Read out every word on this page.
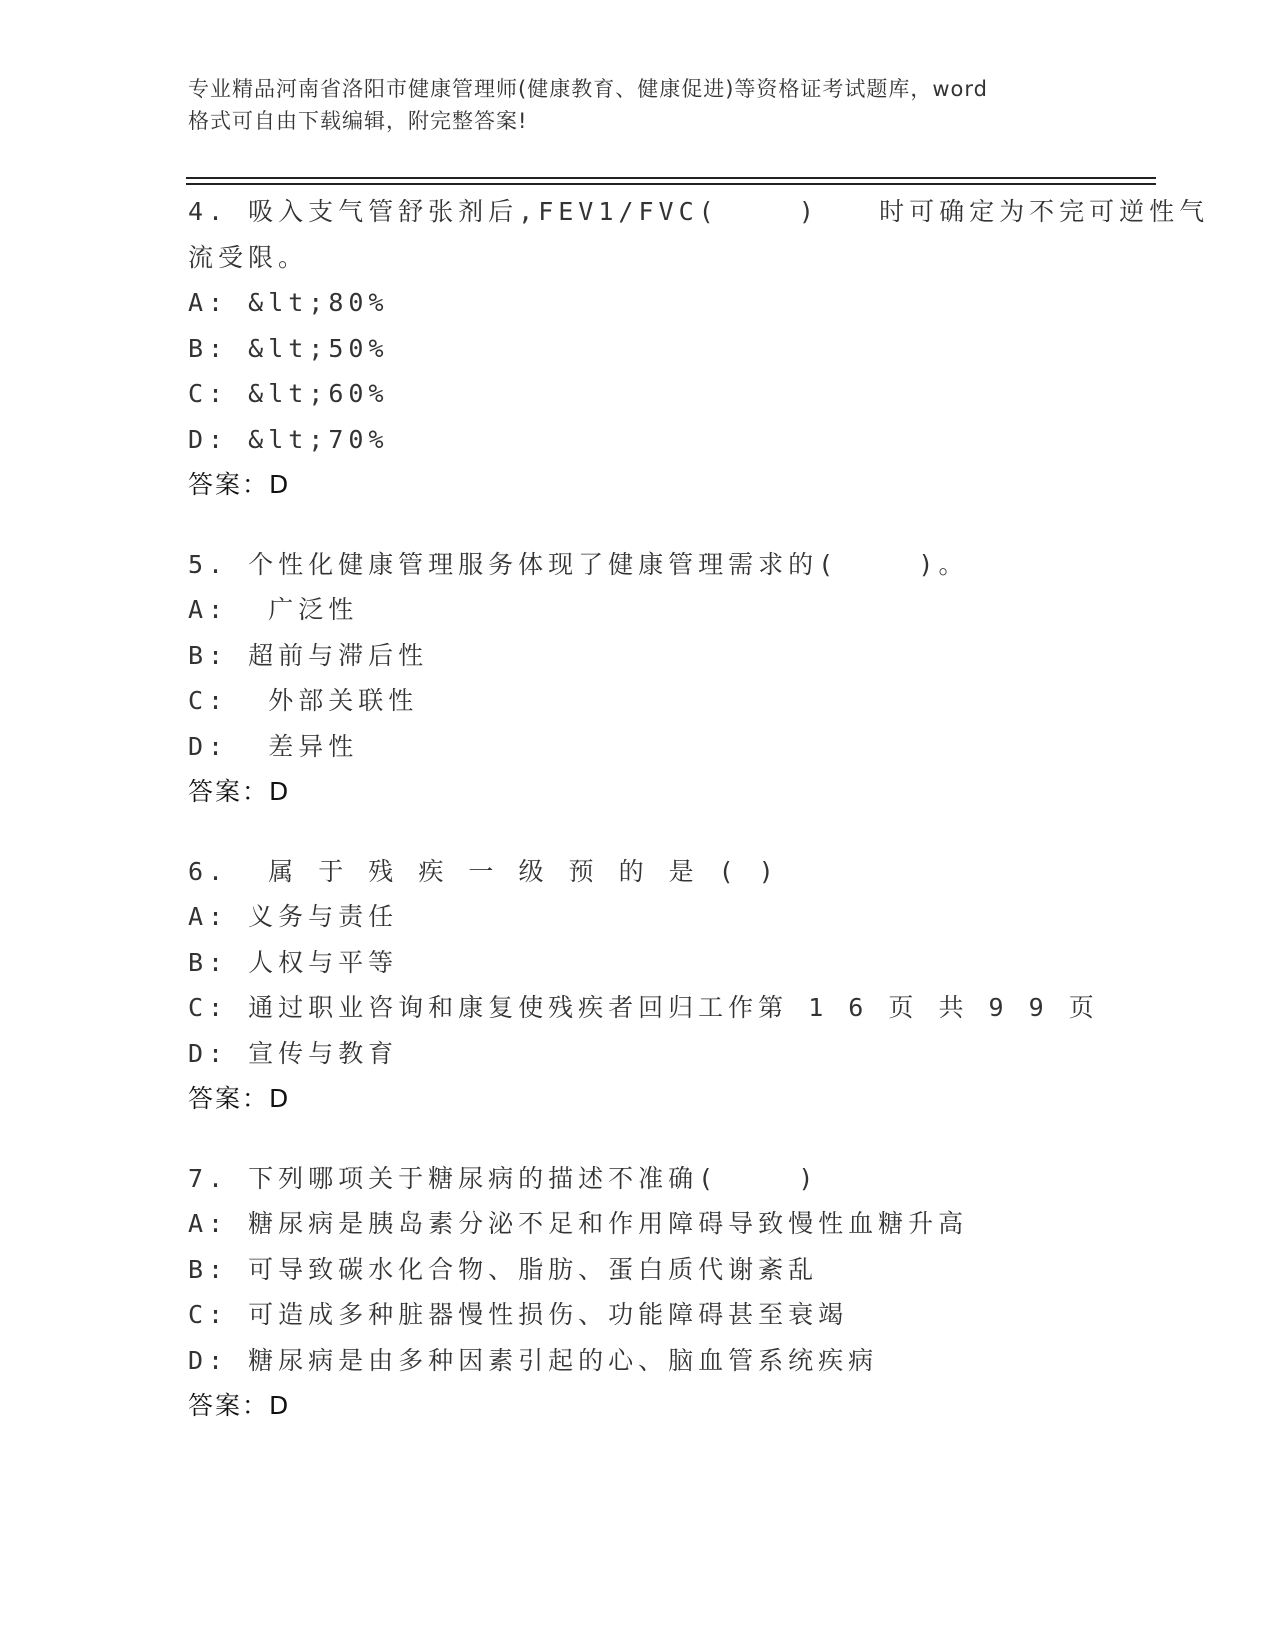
专业精品河南省洛阳市健康管理师(健康教育、健康促进)等资格证考试题库，word
格式可自由下载编辑，附完整答案!
4. 吸入支气管舒张剂后,FEV1/FVC(    )   时可确定为不完可逆性气
流受限。
A: &lt;80%
B: &lt;50%
C: &lt;60%
D: &lt;70%
答案：D
5. 个性化健康管理服务体现了健康管理需求的(    )。
A:  广泛性
B: 超前与滞后性
C:  外部关联性
D:  差异性
答案：D
6.  属 于 残 疾 一 级 预 的 是 ( )
A: 义务与责任
B: 人权与平等
C: 通过职业咨询和康复使残疾者回归工作第 1 6 页 共 9 9 页
D: 宣传与教育
答案：D
7. 下列哪项关于糖尿病的描述不准确(    )
A: 糖尿病是胰岛素分泌不足和作用障碍导致慢性血糖升高
B: 可导致碳水化合物、脂肪、蛋白质代谢紊乱
C: 可造成多种脏器慢性损伤、功能障碍甚至衰竭
D: 糖尿病是由多种因素引起的心、脑血管系统疾病
答案：D
